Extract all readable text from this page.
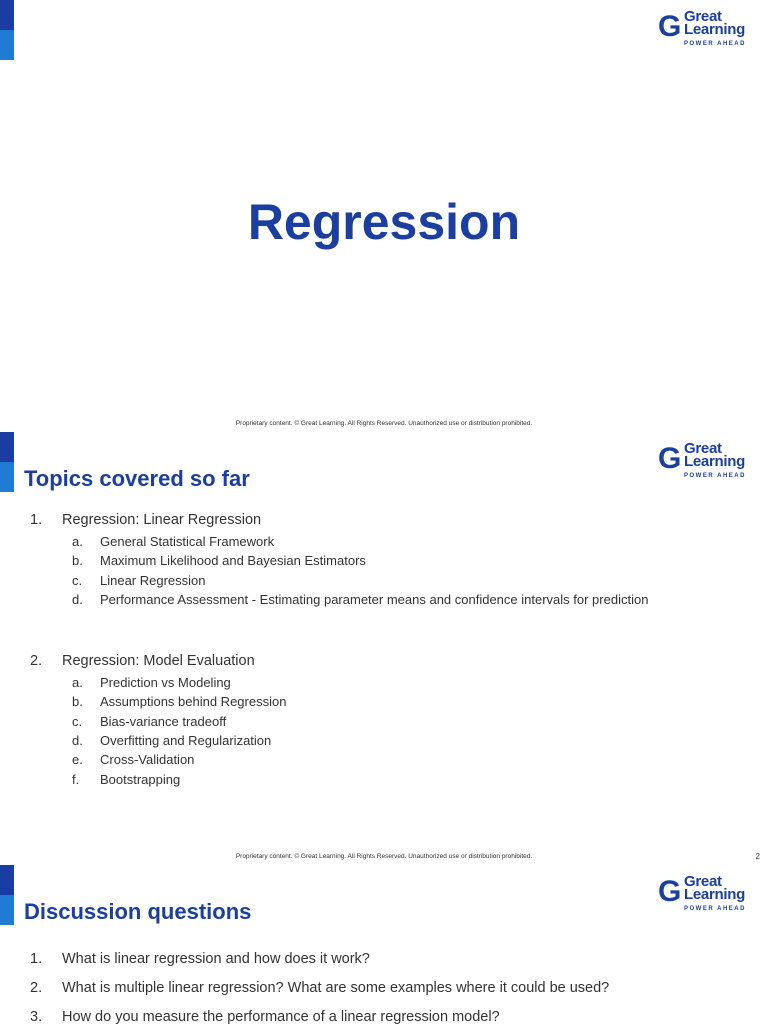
G Great
Learning
POWER AHEAD
Regression
Proprietary content. © Great Learning. All Rights Reserved. Unauthorized use or distribution prohibited.
G Great
Learning
POWER AHEAD
Topics covered so far
1. Regression: Linear Regression
a. General Statistical Framework
b. Maximum Likelihood and Bayesian Estimators
c. Linear Regression
d. Performance Assessment - Estimating parameter means and confidence intervals for prediction
2. Regression: Model Evaluation
a. Prediction vs Modeling
b. Assumptions behind Regression
c. Bias-variance tradeoff
d. Overfitting and Regularization
e. Cross-Validation
f. Bootstrapping
Proprietary content. © Great Learning. All Rights Reserved. Unauthorized use or distribution prohibited.	2
G Great
Learning
POWER AHEAD
Discussion questions
1. What is linear regression and how does it work?
2. What is multiple linear regression? What are some examples where it could be used?
3. How do you measure the performance of a linear regression model?
